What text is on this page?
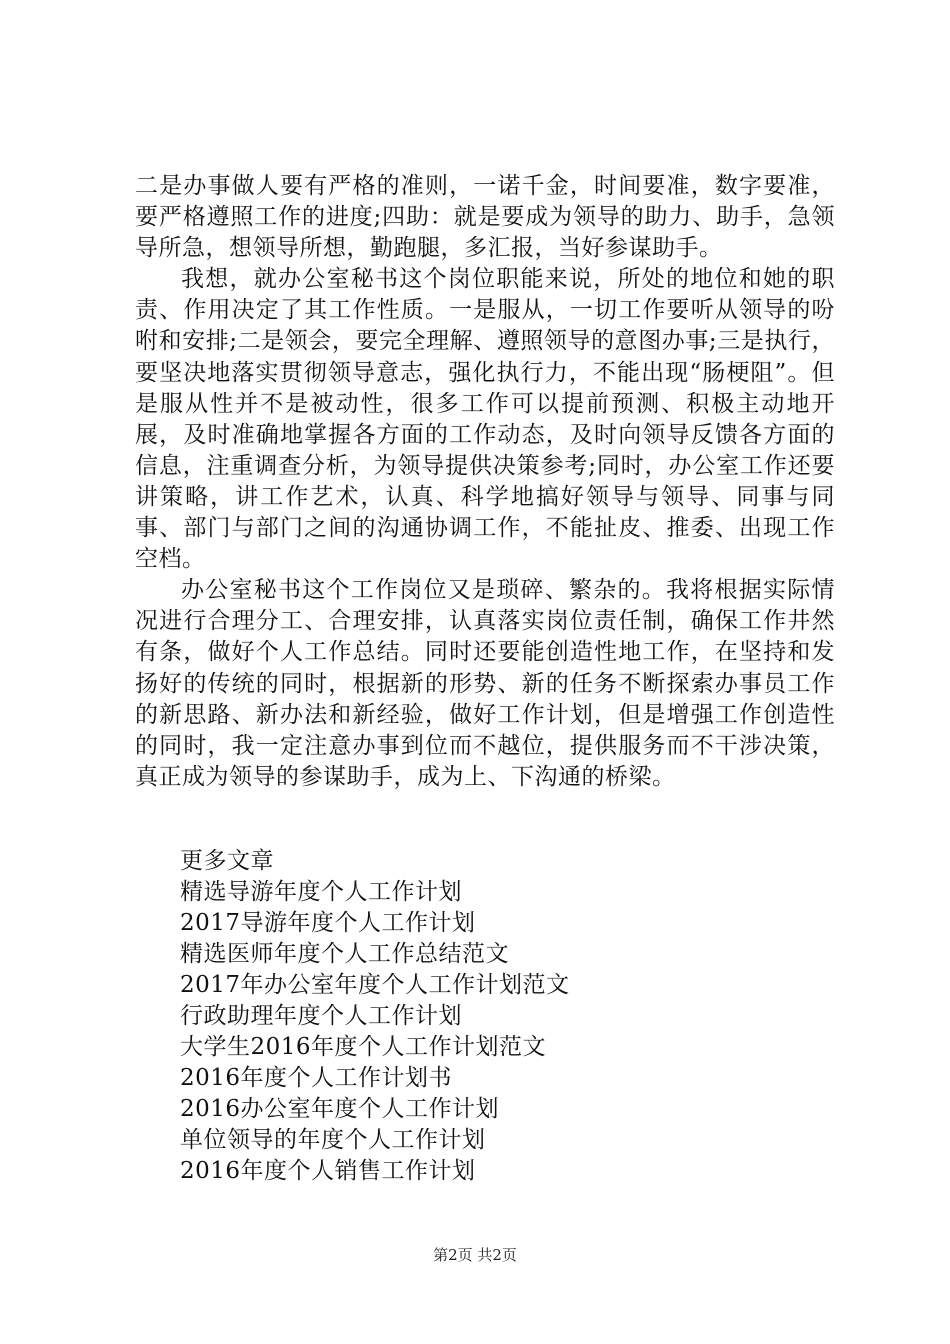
二是办事做人要有严格的准则，一诺千金，时间要准，数字要准，要严格遵照工作的进度;四助：就是要成为领导的助力、助手，急领导所急，想领导所想，勤跑腿，多汇报，当好参谋助手。

我想，就办公室秘书这个岗位职能来说，所处的地位和她的职责、作用决定了其工作性质。一是服从，一切工作要听从领导的吩咐和安排;二是领会，要完全理解、遵照领导的意图办事;三是执行，要坚决地落实贯彻领导意志，强化执行力，不能出现“肠梗阻”。但是服从性并不是被动性，很多工作可以提前预测、积极主动地开展，及时准确地掌握各方面的工作动态，及时向领导反馈各方面的信息，注重调查分析，为领导提供决策参考;同时，办公室工作还要讲策略，讲工作艺术，认真、科学地搞好领导与领导、同事与同事、部门与部门之间的沟通协调工作，不能扯皮、推委、出现工作空档。

办公室秘书这个工作岗位又是琐碎、繁杂的。我将根据实际情况进行合理分工、合理安排，认真落实岗位责任制，确保工作井然有条，做好个人工作总结。同时还要能创造性地工作，在坚持和发扬好的传统的同时，根据新的形势、新的任务不断探索办事员工作的新思路、新办法和新经验，做好工作计划，但是增强工作创造性的同时，我一定注意办事到位而不越位，提供服务而不干涉决策，真正成为领导的参谋助手，成为上、下沟通的桥梁。

更多文章

精选导游年度个人工作计划
2017导游年度个人工作计划
精选医师年度个人工作总结范文
2017年办公室年度个人工作计划范文
行政助理年度个人工作计划
大学生2016年度个人工作计划范文
2016年度个人工作计划书
2016办公室年度个人工作计划
单位领导的年度个人工作计划
2016年度个人销售工作计划
第2页 共2页
